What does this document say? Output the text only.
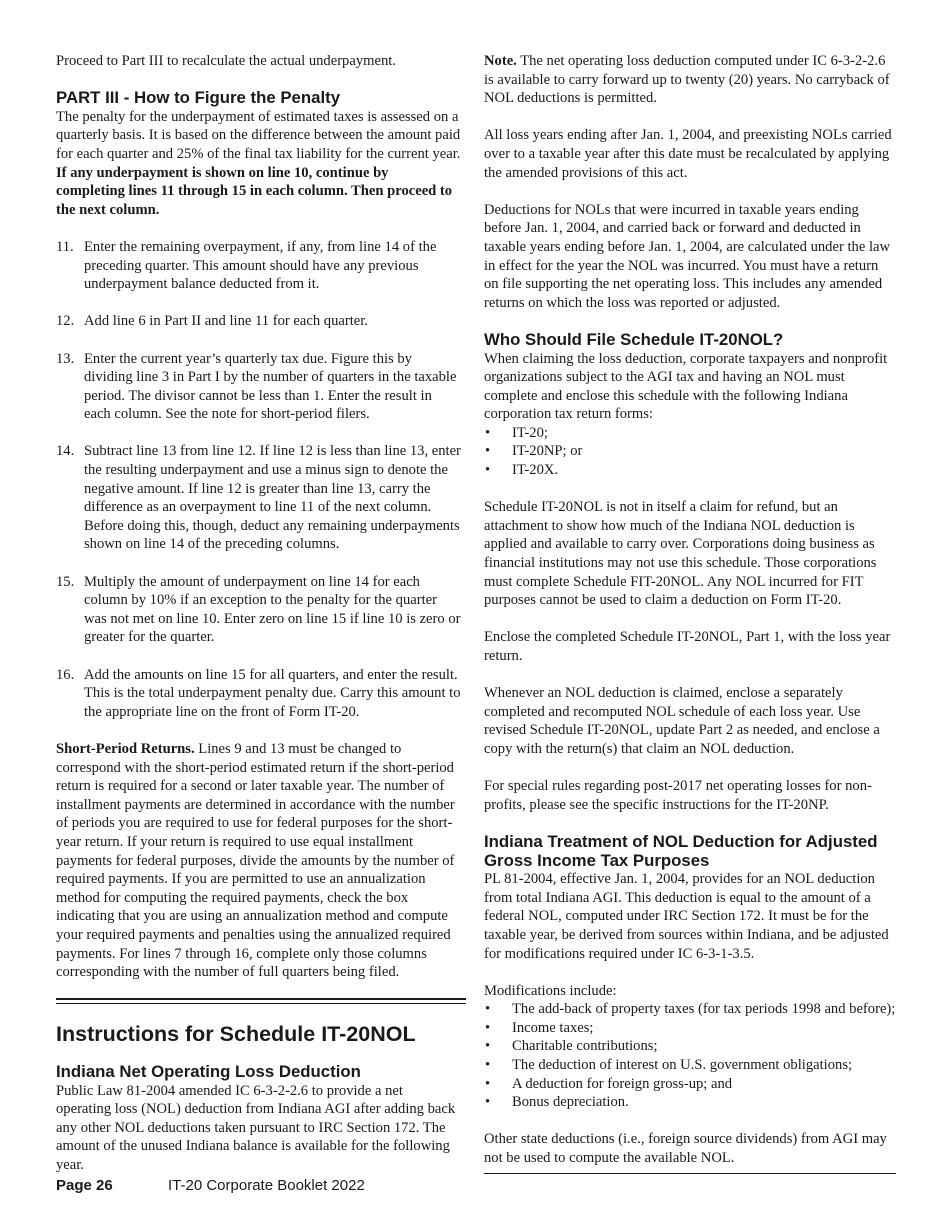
Proceed to Part III to recalculate the actual underpayment.

PART III - How to Figure the Penalty

The penalty for the underpayment of estimated taxes is assessed on a quarterly basis. It is based on the difference between the amount paid for each quarter and 25% of the final tax liability for the current year. If any underpayment is shown on line 10, continue by completing lines 11 through 15 in each column. Then proceed to the next column.

11. Enter the remaining overpayment, if any, from line 14 of the preceding quarter. This amount should have any previous underpayment balance deducted from it.
12. Add line 6 in Part II and line 11 for each quarter.
13. Enter the current year’s quarterly tax due. Figure this by dividing line 3 in Part I by the number of quarters in the taxable period. The divisor cannot be less than 1. Enter the result in each column. See the note for short-period filers.
14. Subtract line 13 from line 12. If line 12 is less than line 13, enter the resulting underpayment and use a minus sign to denote the negative amount. If line 12 is greater than line 13, carry the difference as an overpayment to line 11 of the next column. Before doing this, though, deduct any remaining underpayments shown on line 14 of the preceding columns.
15. Multiply the amount of underpayment on line 14 for each column by 10% if an exception to the penalty for the quarter was not met on line 10. Enter zero on line 15 if line 10 is zero or greater for the quarter.
16. Add the amounts on line 15 for all quarters, and enter the result. This is the total underpayment penalty due. Carry this amount to the appropriate line on the front of Form IT-20.

Short-Period Returns. Lines 9 and 13 must be changed to correspond with the short-period estimated return if the short-period return is required for a second or later taxable year. The number of installment payments are determined in accordance with the number of periods you are required to use for federal purposes for the short-year return. If your return is required to use equal installment payments for federal purposes, divide the amounts by the number of required payments. If you are permitted to use an annualization method for computing the required payments, check the box indicating that you are using an annualization method and compute your required payments and penalties using the annualized required payments. For lines 7 through 16, complete only those columns corresponding with the number of full quarters being filed.

Instructions for Schedule IT-20NOL
Indiana Net Operating Loss Deduction

Public Law 81-2004 amended IC 6-3-2-2.6 to provide a net operating loss (NOL) deduction from Indiana AGI after adding back any other NOL deductions taken pursuant to IRC Section 172. The amount of the unused Indiana balance is available for the following year.

Note. The net operating loss deduction computed under IC 6-3-2-2.6 is available to carry forward up to twenty (20) years. No carryback of NOL deductions is permitted.

All loss years ending after Jan. 1, 2004, and preexisting NOLs carried over to a taxable year after this date must be recalculated by applying the amended provisions of this act.

Deductions for NOLs that were incurred in taxable years ending before Jan. 1, 2004, and carried back or forward and deducted in taxable years ending before Jan. 1, 2004, are calculated under the law in effect for the year the NOL was incurred. You must have a return on file supporting the net operating loss. This includes any amended returns on which the loss was reported or adjusted.

Who Should File Schedule IT-20NOL?

When claiming the loss deduction, corporate taxpayers and nonprofit organizations subject to the AGI tax and having an NOL must complete and enclose this schedule with the following Indiana corporation tax return forms:

• IT-20;
• IT-20NP; or
• IT-20X.

Schedule IT-20NOL is not in itself a claim for refund, but an attachment to show how much of the Indiana NOL deduction is applied and available to carry over. Corporations doing business as financial institutions may not use this schedule. Those corporations must complete Schedule FIT-20NOL. Any NOL incurred for FIT purposes cannot be used to claim a deduction on Form IT-20.

Enclose the completed Schedule IT-20NOL, Part 1, with the loss year return.

Whenever an NOL deduction is claimed, enclose a separately completed and recomputed NOL schedule of each loss year. Use revised Schedule IT-20NOL, update Part 2 as needed, and enclose a copy with the return(s) that claim an NOL deduction.

For special rules regarding post-2017 net operating losses for non-profits, please see the specific instructions for the IT-20NP.

Indiana Treatment of NOL Deduction for Adjusted Gross Income Tax Purposes

PL 81-2004, effective Jan. 1, 2004, provides for an NOL deduction from total Indiana AGI. This deduction is equal to the amount of a federal NOL, computed under IRC Section 172. It must be for the taxable year, be derived from sources within Indiana, and be adjusted for modifications required under IC 6-3-1-3.5.

Modifications include:

• The add-back of property taxes (for tax periods 1998 and before);
• Income taxes;
• Charitable contributions;
• The deduction of interest on U.S. government obligations;
• A deduction for foreign gross-up; and
• Bonus depreciation.

Other state deductions (i.e., foreign source dividends) from AGI may not be used to compute the available NOL.

Page 26	IT-20 Corporate Booklet 2022
